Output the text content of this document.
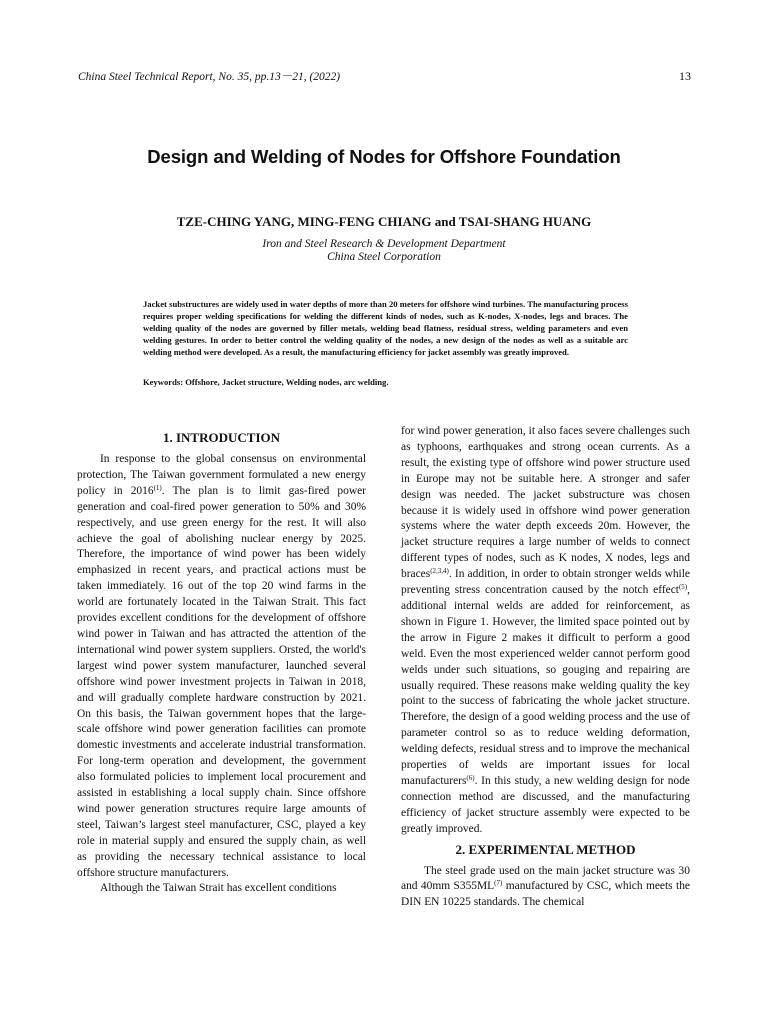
China Steel Technical Report, No. 35, pp.13－21, (2022)	13
Design and Welding of Nodes for Offshore Foundation
TZE-CHING YANG, MING-FENG CHIANG and TSAI-SHANG HUANG
Iron and Steel Research & Development Department
China Steel Corporation
Jacket substructures are widely used in water depths of more than 20 meters for offshore wind turbines. The manufacturing process requires proper welding specifications for welding the different kinds of nodes, such as K-nodes, X-nodes, legs and braces. The welding quality of the nodes are governed by filler metals, welding bead flatness, residual stress, welding parameters and even welding gestures. In order to better control the welding quality of the nodes, a new design of the nodes as well as a suitable arc welding method were developed. As a result, the manufacturing efficiency for jacket assembly was greatly improved.
Keywords: Offshore, Jacket structure, Welding nodes, arc welding.
1. INTRODUCTION

In response to the global consensus on environmental protection, The Taiwan government formulated a new energy policy in 2016$^{(1)}$. The plan is to limit gas-fired power generation and coal-fired power generation to 50% and 30% respectively, and use green energy for the rest. It will also achieve the goal of abolishing nuclear energy by 2025. Therefore, the importance of wind power has been widely emphasized in recent years, and practical actions must be taken immediately. 16 out of the top 20 wind farms in the world are fortunately located in the Taiwan Strait. This fact provides excellent conditions for the development of offshore wind power in Taiwan and has attracted the attention of the international wind power system suppliers. Orsted, the world's largest wind power system manufacturer, launched several offshore wind power investment projects in Taiwan in 2018, and will gradually complete hardware construction by 2021. On this basis, the Taiwan government hopes that the large-scale offshore wind power generation facilities can promote domestic investments and accelerate industrial transformation. For long-term operation and development, the government also formulated policies to implement local procurement and assisted in establishing a local supply chain. Since offshore wind power generation structures require large amounts of steel, Taiwan’s largest steel manufacturer, CSC, played a key role in material supply and ensured the supply chain, as well as providing the necessary technical assistance to local offshore structure manufacturers.

Although the Taiwan Strait has excellent conditions

for wind power generation, it also faces severe challenges such as typhoons, earthquakes and strong ocean currents. As a result, the existing type of offshore wind power structure used in Europe may not be suitable here. A stronger and safer design was needed. The jacket substructure was chosen because it is widely used in offshore wind power generation systems where the water depth exceeds 20m. However, the jacket structure requires a large number of welds to connect different types of nodes, such as K nodes, X nodes, legs and braces$^{(2,3,4)}$. In addition, in order to obtain stronger welds while preventing stress concentration caused by the notch effect$^{(5)}$, additional internal welds are added for reinforcement, as shown in Figure 1. However, the limited space pointed out by the arrow in Figure 2 makes it difficult to perform a good weld. Even the most experienced welder cannot perform good welds under such situations, so gouging and repairing are usually required. These reasons make welding quality the key point to the success of fabricating the whole jacket structure. Therefore, the design of a good welding process and the use of parameter control so as to reduce welding deformation, welding defects, residual stress and to improve the mechanical properties of welds are important issues for local manufacturers$^{(6)}$. In this study, a new welding design for node connection method are discussed, and the manufacturing efficiency of jacket structure assembly were expected to be greatly improved.

2. EXPERIMENTAL METHOD

The steel grade used on the main jacket structure was 30 and 40mm S355ML$^{(7)}$ manufactured by CSC, which meets the DIN EN 10225 standards. The chemical
